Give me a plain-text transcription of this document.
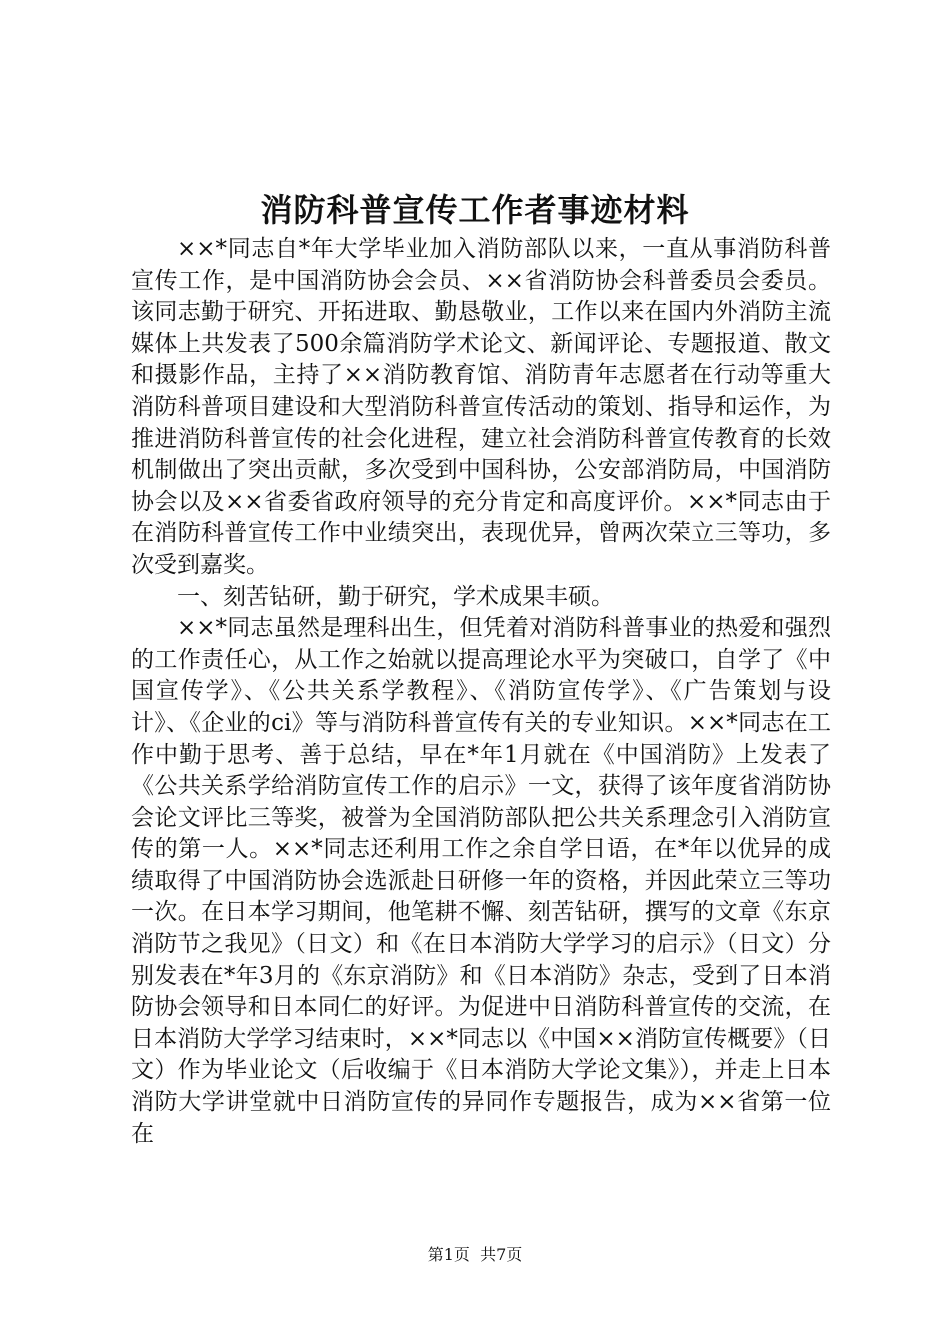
消防科普宣传工作者事迹材料

××*同志自*年大学毕业加入消防部队以来，一直从事消防科普宣传工作，是中国消防协会会员、××省消防协会科普委员会委员。该同志勤于研究、开拓进取、勤恳敬业，工作以来在国内外消防主流媒体上共发表了500余篇消防学术论文、新闻评论、专题报道、散文和摄影作品，主持了××消防教育馆、消防青年志愿者在行动等重大消防科普项目建设和大型消防科普宣传活动的策划、指导和运作，为推进消防科普宣传的社会化进程，建立社会消防科普宣传教育的长效机制做出了突出贡献，多次受到中国科协，公安部消防局，中国消防协会以及××省委省政府领导的充分肯定和高度评价。××*同志由于在消防科普宣传工作中业绩突出，表现优异，曾两次荣立三等功，多次受到嘉奖。

一、刻苦钻研，勤于研究，学术成果丰硕。

××*同志虽然是理科出生，但凭着对消防科普事业的热爱和强烈的工作责任心，从工作之始就以提高理论水平为突破口，自学了《中国宣传学》、《公共关系学教程》、《消防宣传学》、《广告策划与设计》、《企业的ci》等与消防科普宣传有关的专业知识。××*同志在工作中勤于思考、善于总结，早在*年1月就在《中国消防》上发表了《公共关系学给消防宣传工作的启示》一文，获得了该年度省消防协会论文评比三等奖，被誉为全国消防部队把公共关系理念引入消防宣传的第一人。××*同志还利用工作之余自学日语，在*年以优异的成绩取得了中国消防协会选派赴日研修一年的资格，并因此荣立三等功一次。在日本学习期间，他笔耕不懈、刻苦钻研，撰写的文章《东京消防节之我见》（日文）和《在日本消防大学学习的启示》（日文）分别发表在*年3月的《东京消防》和《日本消防》杂志，受到了日本消防协会领导和日本同仁的好评。为促进中日消防科普宣传的交流，在日本消防大学学习结束时，××*同志以《中国××消防宣传概要》（日文）作为毕业论文（后收编于《日本消防大学论文集》），并走上日本消防大学讲堂就中日消防宣传的异同作专题报告，成为××省第一位在

第1页  共7页
